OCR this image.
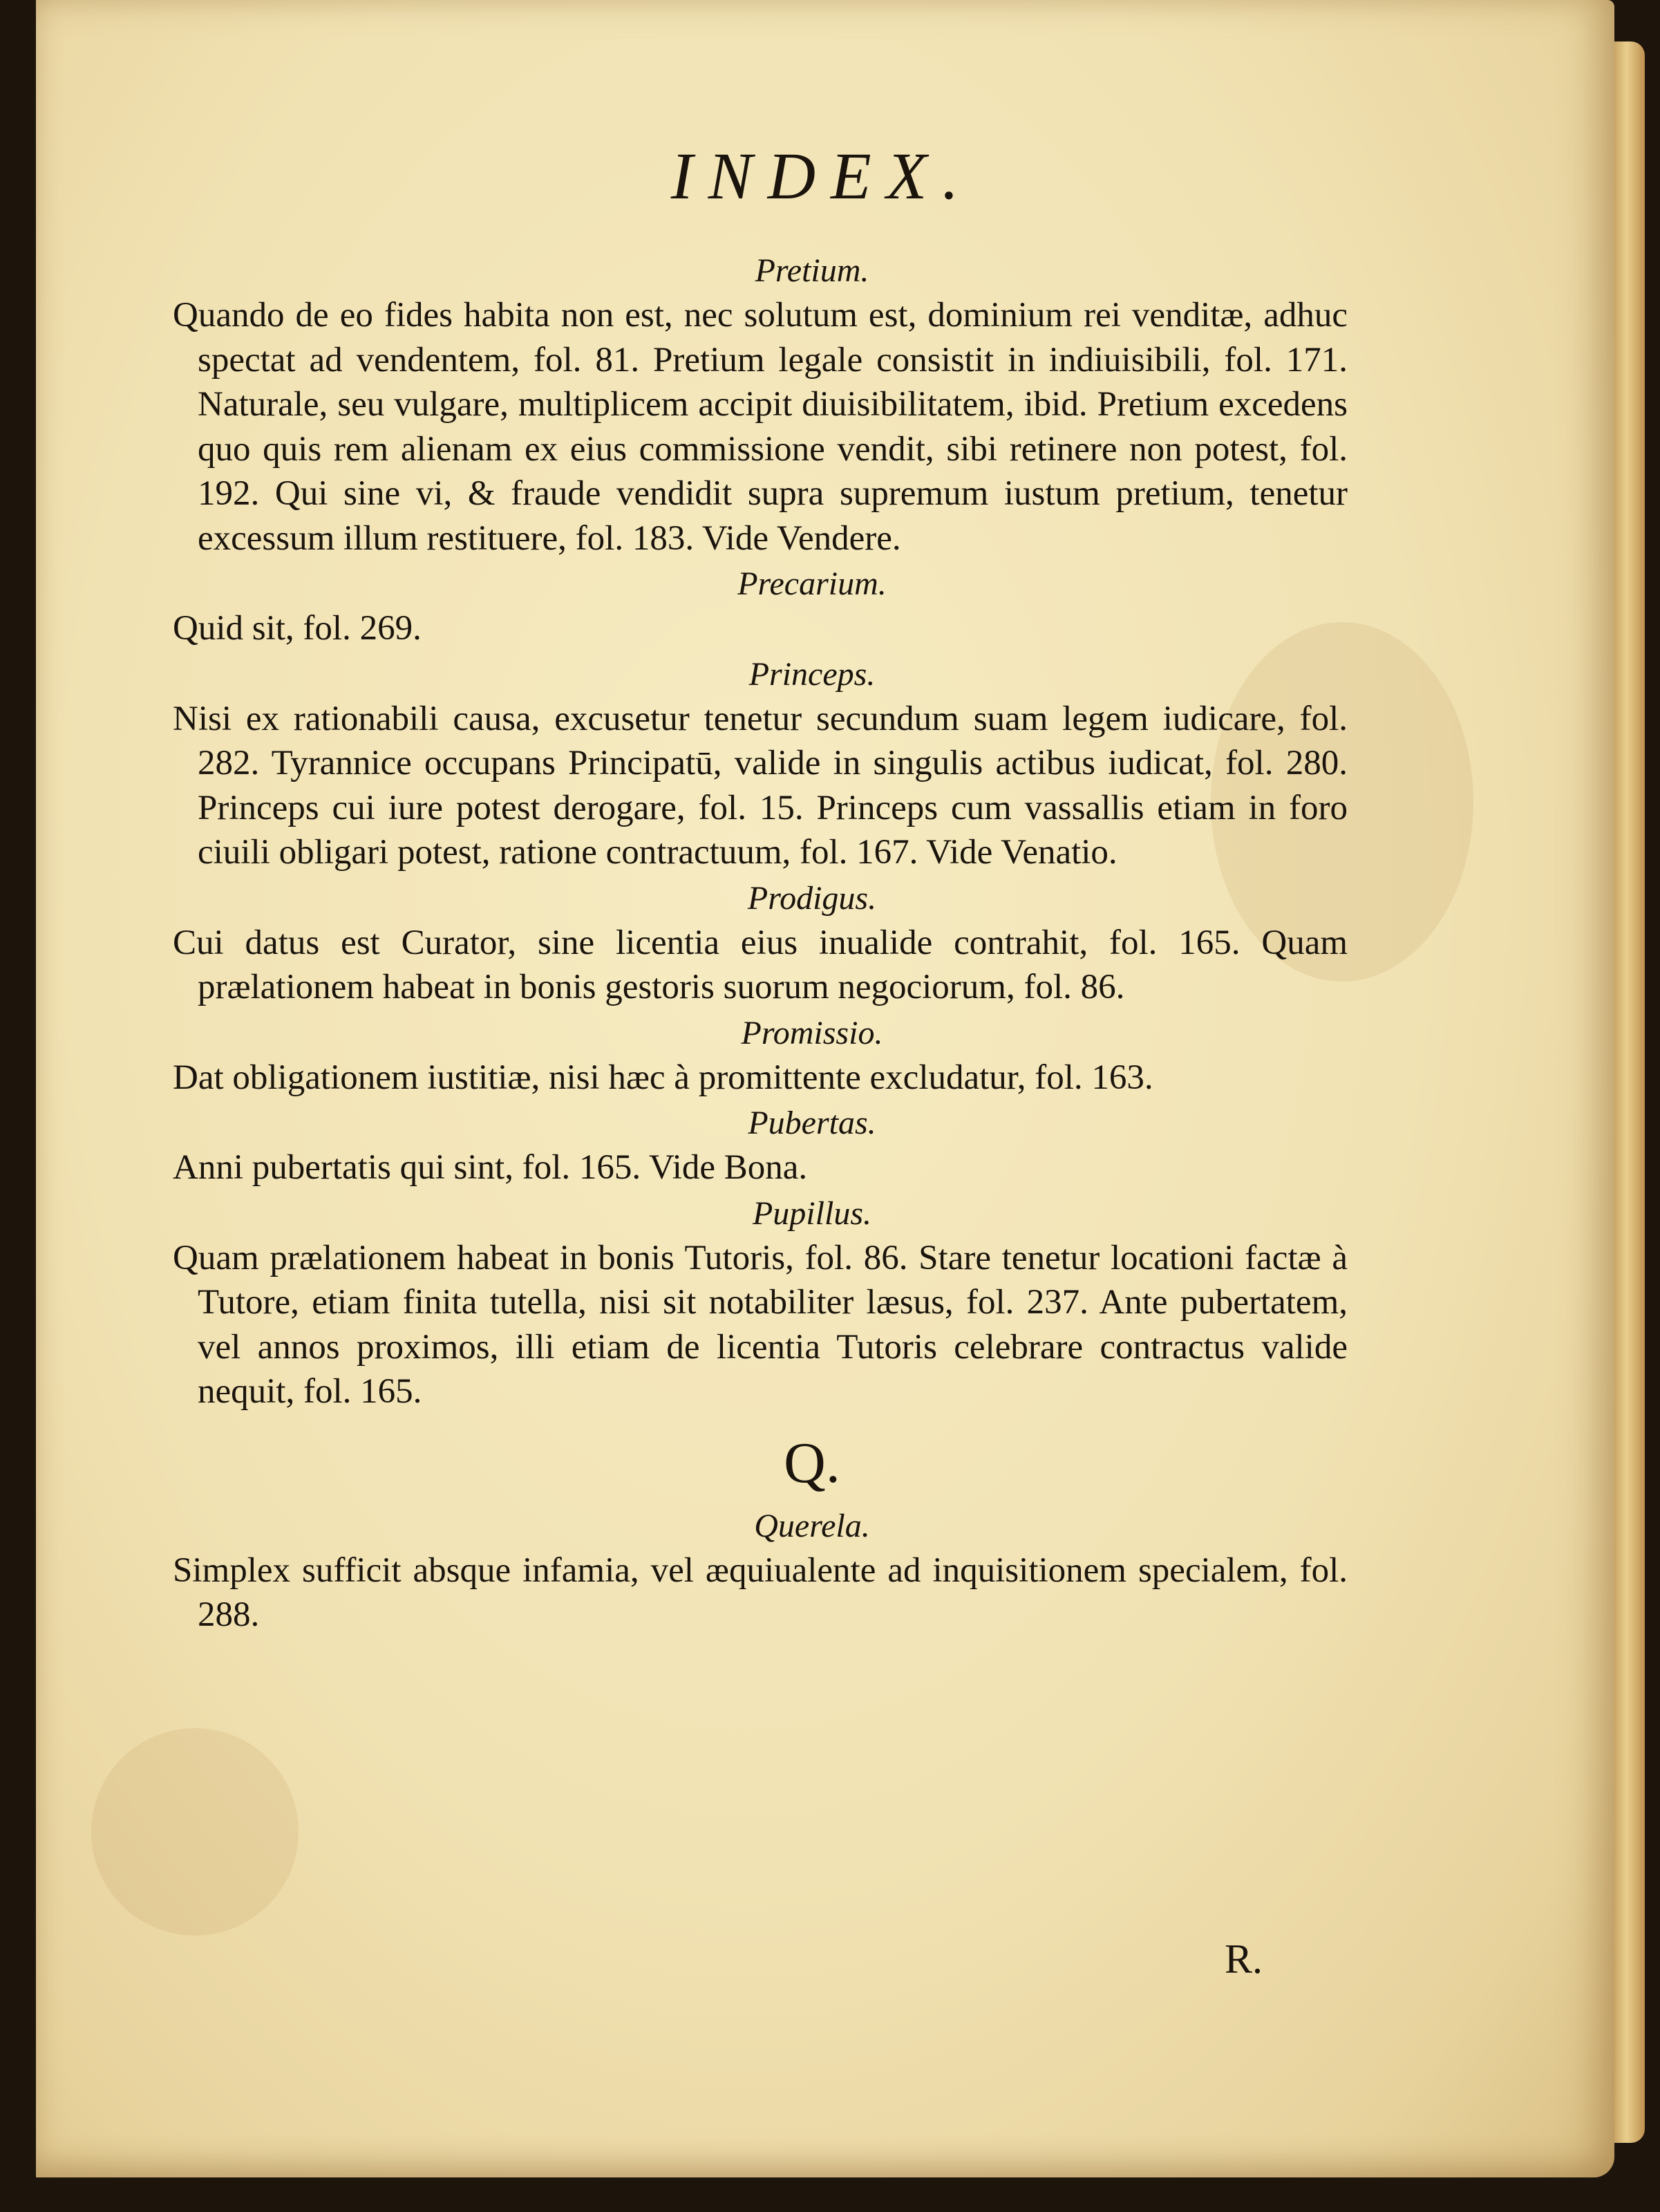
INDEX.
Pretium.

Quando de eo fides habita non est, nec solutum est, dominium rei venditæ, adhuc spectat ad vendentem, fol. 81. Pretium legale consistit in indiuisibili, fol. 171. Naturale, seu vulgare, multiplicem accipit diuisibilitatem, ibid. Pretium excedens quo quis rem alienam ex eius commissione vendit, sibi retinere non potest, fol. 192. Qui sine vi, & fraude vendidit supra supremum iustum pretium, tenetur excessum illum restituere, fol. 183. Vide Vendere.

Precarium.

Quid sit, fol. 269.

Princeps.

Nisi ex rationabili causa, excusetur tenetur secundum suam legem iudicare, fol. 282. Tyrannice occupans Principatū, valide in singulis actibus iudicat, fol. 280. Princeps cui iure potest derogare, fol. 15. Princeps cum vassallis etiam in foro ciuili obligari potest, ratione contractuum, fol. 167. Vide Venatio.

Prodigus.

Cui datus est Curator, sine licentia eius inualide contrahit, fol. 165. Quam prælationem habeat in bonis gestoris suorum negociorum, fol. 86.

Promissio.

Dat obligationem iustitiæ, nisi hæc à promittente excludatur, fol. 163.

Pubertas.

Anni pubertatis qui sint, fol. 165. Vide Bona.

Pupillus.

Quam prælationem habeat in bonis Tutoris, fol. 86. Stare tenetur locationi factæ à Tutore, etiam finita tutella, nisi sit notabiliter læsus, fol. 237. Ante pubertatem, vel annos proximos, illi etiam de licentia Tutoris celebrare contractus valide nequit, fol. 165.

Q.
Querela.

Simplex sufficit absque infamia, vel æquiualente ad inquisitionem specialem, fol. 288.

R.
